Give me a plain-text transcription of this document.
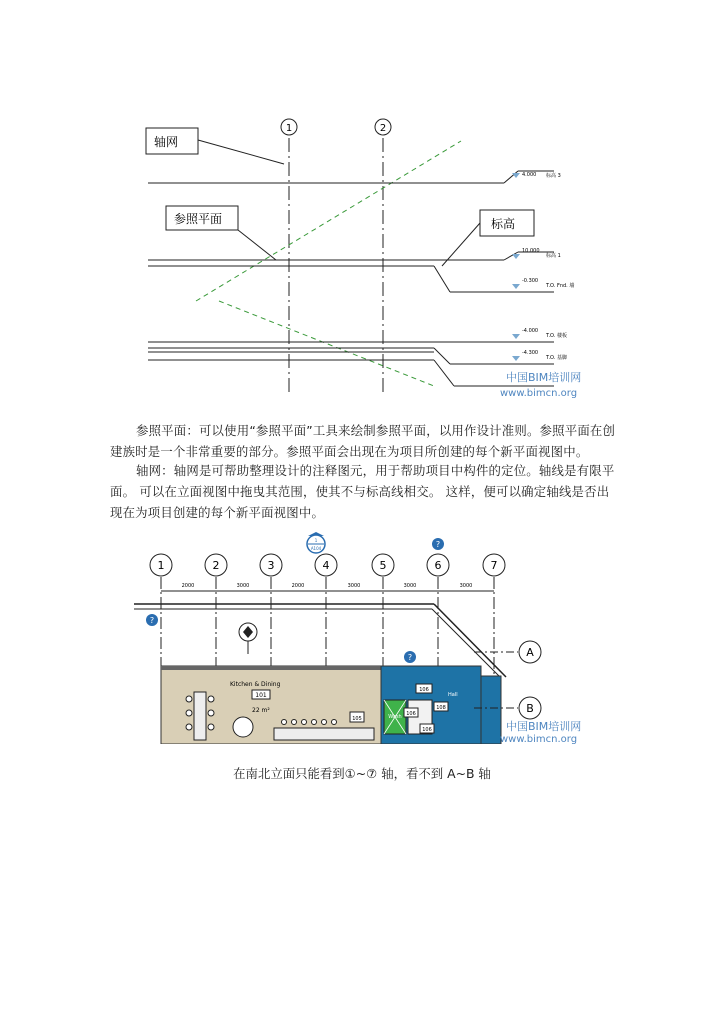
1	2
4.000 标高 3
10.000
标高 1
-0.300
T.O. Fnd. 墙
-4.000
T.O. 楼板
-4.300
T.O. 基脚
轴网
参照平面	标高
中国BIM培训网
www.bimcn.org

参照平面：可以使用“参照平面”工具来绘制参照平面，以用作设计准则。参照平面在创建族时是一个非常重要的部分。参照平面会出现在为项目所创建的每个新平面视图中。

轴网：轴网是可帮助整理设计的注释图元，用于帮助项目中构件的定位。轴线是有限平面。 可以在立面视图中拖曳其范围，使其不与标高线相交。 这样，便可以确定轴线是否出现在为项目创建的每个新平面视图中。

1	2	3	4	5	6	7
2000	3000	2000	3000	3000	3000
1
A104
?
?
?
Kitchen & Dining
101
22 m²
105	Wash
106
108
106
106
Hall
A
B
中国BIM培训网
www.bimcn.org
在南北立面只能看到①~⑦ 轴，看不到 A~B 轴
